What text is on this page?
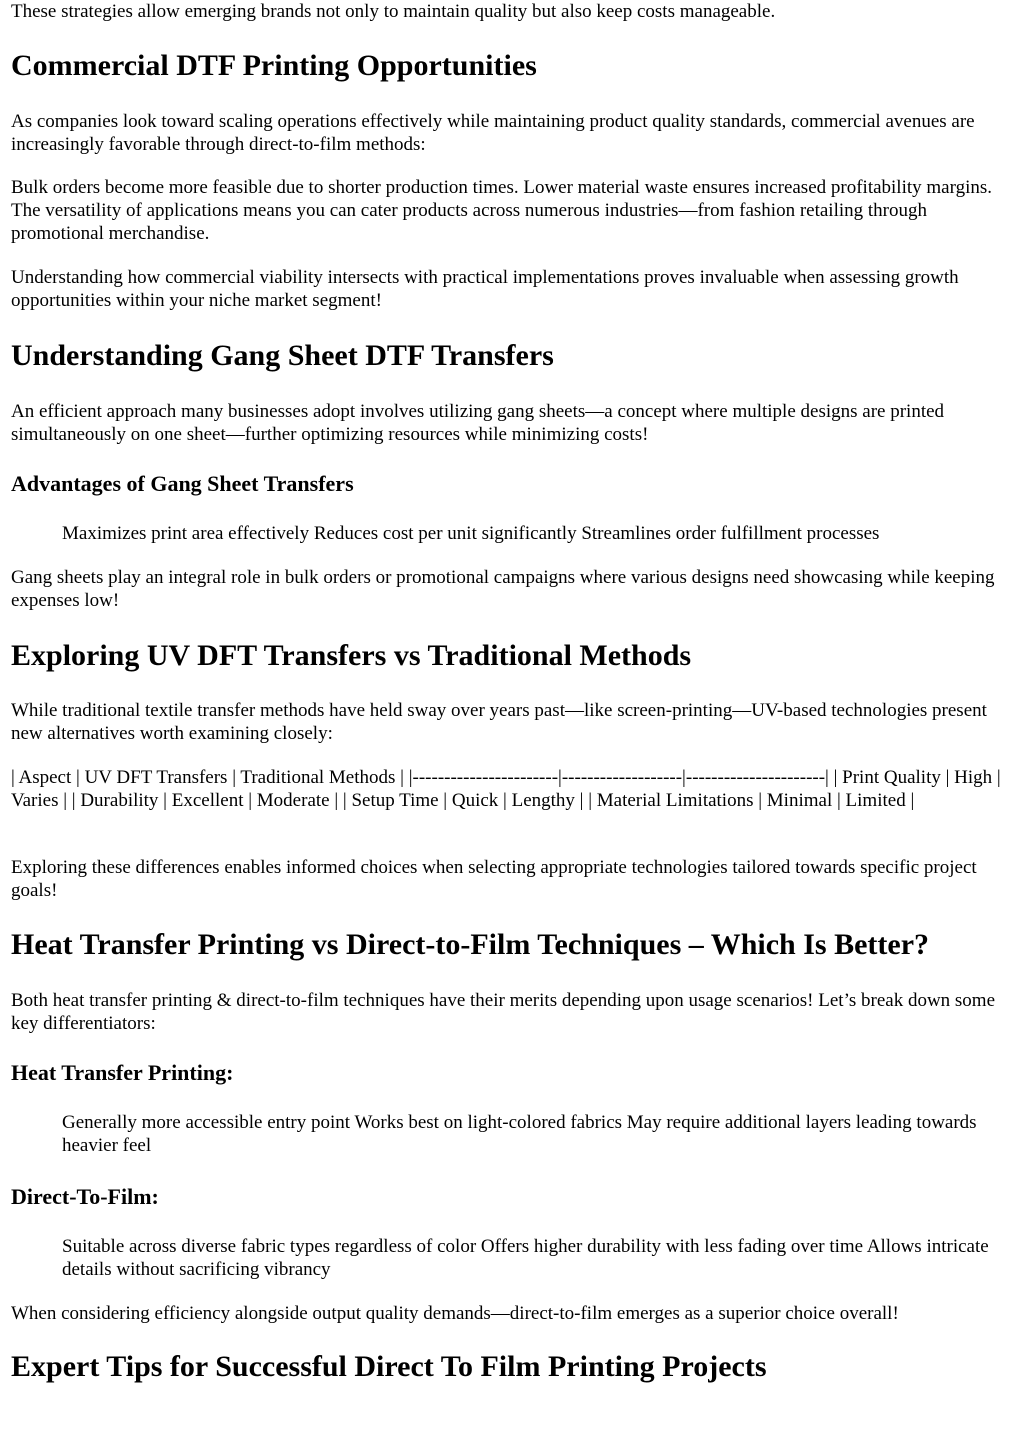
These strategies allow emerging brands not only to maintain quality but also keep costs manageable.

Commercial DTF Printing Opportunities

As companies look toward scaling operations effectively while maintaining product quality standards, commercial avenues are increasingly favorable through direct-to-film methods:

Bulk orders become more feasible due to shorter production times. Lower material waste ensures increased profitability margins. The versatility of applications means you can cater products across numerous industries—from fashion retailing through promotional merchandise.

Understanding how commercial viability intersects with practical implementations proves invaluable when assessing growth opportunities within your niche market segment!

Understanding Gang Sheet DTF Transfers

An efficient approach many businesses adopt involves utilizing gang sheets—a concept where multiple designs are printed simultaneously on one sheet—further optimizing resources while minimizing costs!

Advantages of Gang Sheet Transfers

Maximizes print area effectively Reduces cost per unit significantly Streamlines order fulfillment processes

Gang sheets play an integral role in bulk orders or promotional campaigns where various designs need showcasing while keeping expenses low!

Exploring UV DFT Transfers vs Traditional Methods

While traditional textile transfer methods have held sway over years past—like screen-printing—UV-based technologies present new alternatives worth examining closely:

| Aspect | UV DFT Transfers | Traditional Methods | |-----------------------|-------------------|----------------------| | Print Quality | High | Varies | | Durability | Excellent | Moderate | | Setup Time | Quick | Lengthy | | Material Limitations | Minimal | Limited |

Exploring these differences enables informed choices when selecting appropriate technologies tailored towards specific project goals!

Heat Transfer Printing vs Direct-to-Film Techniques – Which Is Better?

Both heat transfer printing & direct-to-film techniques have their merits depending upon usage scenarios! Let’s break down some key differentiators:

Heat Transfer Printing:

Generally more accessible entry point Works best on light-colored fabrics May require additional layers leading towards heavier feel

Direct-To-Film:

Suitable across diverse fabric types regardless of color Offers higher durability with less fading over time Allows intricate details without sacrificing vibrancy

When considering efficiency alongside output quality demands—direct-to-film emerges as a superior choice overall!

Expert Tips for Successful Direct To Film Printing Projects
